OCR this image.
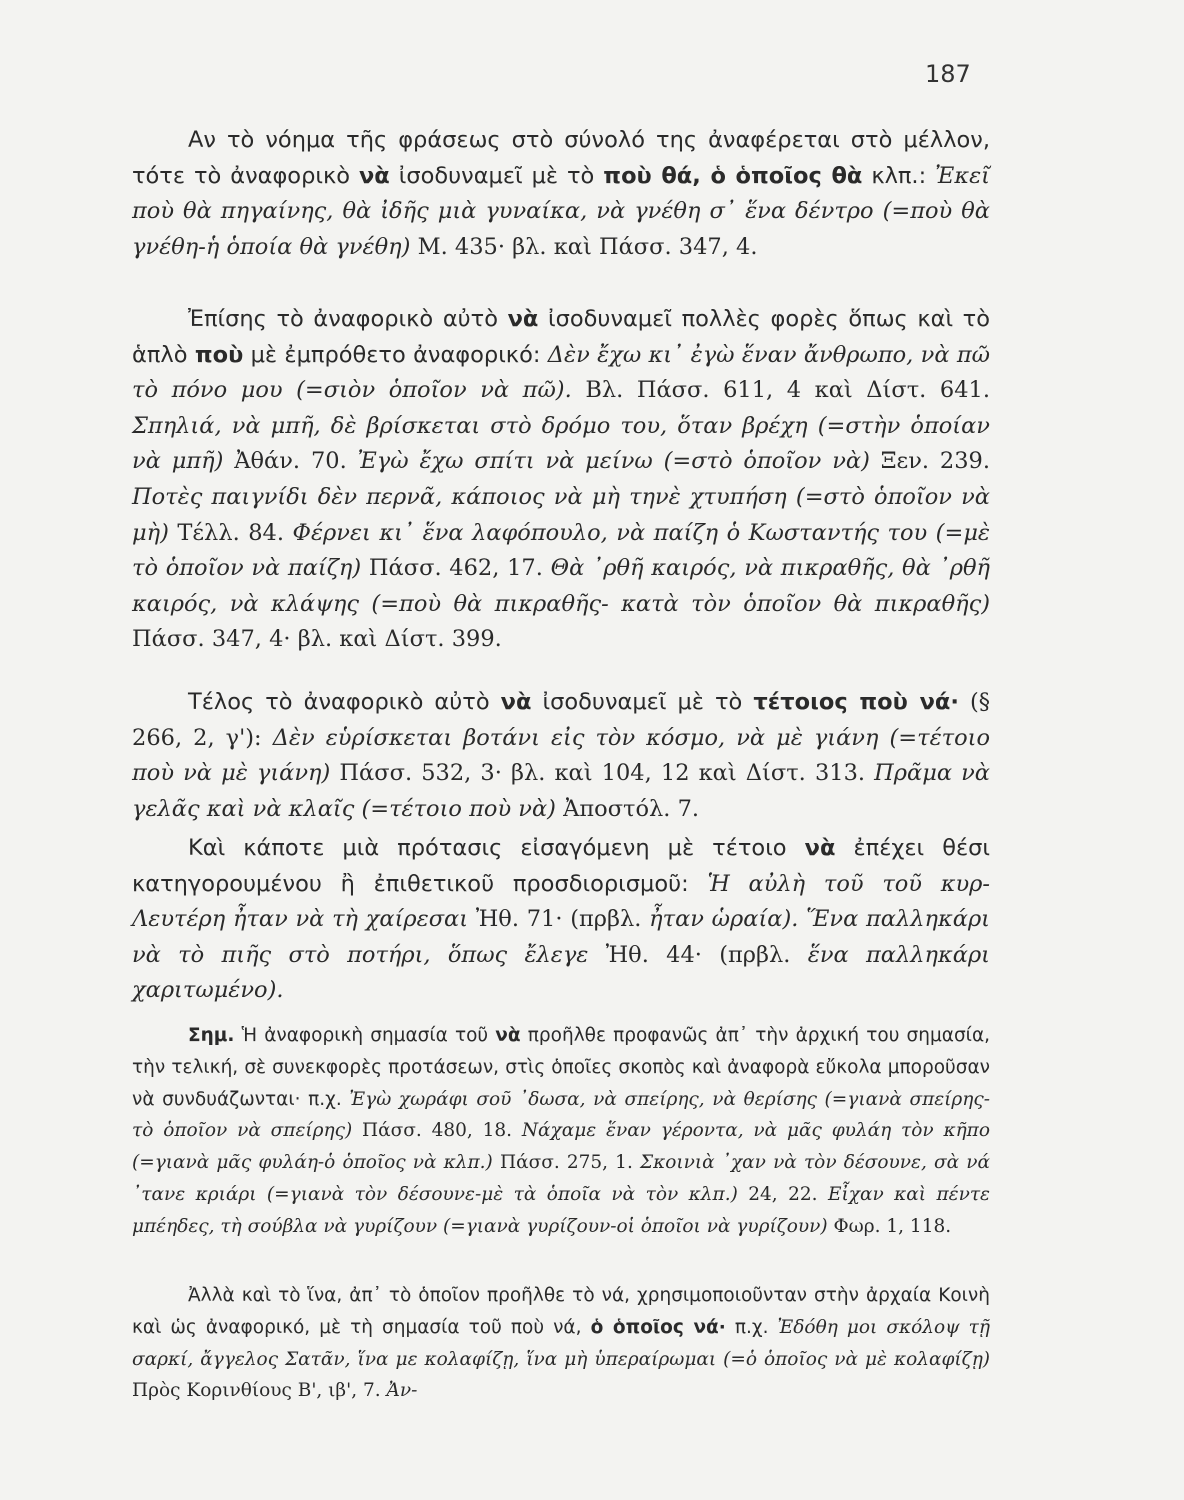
187

Αν τὸ νόημα τῆς φράσεως στὸ σύνολό της ἀναφέρεται στὸ μέλλον, τότε τὸ ἀναφορικὸ νὰ ἰσοδυναμεῖ μὲ τὸ ποὺ θά, ὁ ὁποῖος θὰ κλπ.: Ἐκεῖ ποὺ θὰ πηγαίνης, θὰ ἰδῆς μιὰ γυναίκα, νὰ γνέθη σ᾽ ἕνα δέντρο (=ποὺ θὰ γνέθη-ἡ ὁποία θὰ γνέθη) Μ. 435· βλ. καὶ Πάσσ. 347, 4.

Ἐπίσης τὸ ἀναφορικὸ αὐτὸ νὰ ἰσοδυναμεῖ πολλὲς φορὲς ὅπως καὶ τὸ ἁπλὸ ποὺ μὲ ἐμπρόθετο ἀναφορικό: Δὲν ἔχω κι᾽ ἐγὼ ἕναν ἄνθρωπο, νὰ πῶ τὸ πόνο μου (=σιὸν ὁποῖον νὰ πῶ). Βλ. Πάσσ. 611, 4 καὶ Δίστ. 641. Σπηλιά, νὰ μπῆ, δὲ βρίσκεται στὸ δρόμο του, ὅταν βρέχη (=στὴν ὁποίαν νὰ μπῆ) Ἀθάν. 70. Ἐγὼ ἔχω σπίτι νὰ μείνω (=στὸ ὁποῖον νὰ) Ξεν. 239. Ποτὲς παιγνίδι δὲν περνᾶ, κάποιος νὰ μὴ τηνὲ χτυπήση (=στὸ ὁποῖον νὰ μὴ) Τέλλ. 84. Φέρνει κι᾽ ἕνα λαφόπουλο, νὰ παίζη ὁ Κωσταντής του (=μὲ τὸ ὁποῖον νὰ παίζη) Πάσσ. 462, 17. Θὰ ᾽ρθῆ καιρός, νὰ πικραθῆς, θὰ ᾽ρθῆ καιρός, νὰ κλάψης (=ποὺ θὰ πικραθῆς- κατὰ τὸν ὁποῖον θὰ πικραθῆς) Πάσσ. 347, 4· βλ. καὶ Δίστ. 399.

Τέλος τὸ ἀναφορικὸ αὐτὸ νὰ ἰσοδυναμεῖ μὲ τὸ τέτοιος ποὺ νά· (§ 266, 2, γ'): Δὲν εὑρίσκεται βοτάνι εἰς τὸν κόσμο, νὰ μὲ γιάνη (=τέτοιο ποὺ νὰ μὲ γιάνη) Πάσσ. 532, 3· βλ. καὶ 104, 12 καὶ Δίστ. 313. Πρᾶμα νὰ γελᾶς καὶ νὰ κλαῖς (=τέτοιο ποὺ νὰ) Ἀποστόλ. 7.

Καὶ κάποτε μιὰ πρότασις εἰσαγόμενη μὲ τέτοιο νὰ ἐπέχει θέσι κατηγορουμένου ἢ ἐπιθετικοῦ προσδιορισμοῦ: Ἡ αὐλὴ τοῦ τοῦ κυρ-Λευτέρη ἦταν νὰ τὴ χαίρεσαι Ἠθ. 71· (πρβλ. ἦταν ὡραία). Ἕνα παλληκάρι νὰ τὸ πιῆς στὸ ποτήρι, ὅπως ἔλεγε Ἠθ. 44· (πρβλ. ἕνα παλληκάρι χαριτωμένο).

Σημ. Ἡ ἀναφορικὴ σημασία τοῦ νὰ προῆλθε προφανῶς ἀπ᾽ τὴν ἀρχική του σημασία, τὴν τελική, σὲ συνεκφορὲς προτάσεων, στὶς ὁποῖες σκοπὸς καὶ ἀναφορὰ εὔκολα μποροῦσαν νὰ συνδυάζωνται· π.χ. Ἐγὼ χωράφι σοῦ ᾽δωσα, νὰ σπείρης, νὰ θερίσης (=γιανὰ σπείρης-τὸ ὁποῖον νὰ σπείρης) Πάσσ. 480, 18. Νάχαμε ἕναν γέροντα, νὰ μᾶς φυλάη τὸν κῆπο (=γιανὰ μᾶς φυλάη-ὁ ὁποῖος νὰ κλπ.) Πάσσ. 275, 1. Σκοινιὰ ᾽χαν νὰ τὸν δέσουνε, σὰ νά ᾽τανε κριάρι (=γιανὰ τὸν δέσουνε-μὲ τὰ ὁποῖα νὰ τὸν κλπ.) 24, 22. Εἶχαν καὶ πέντε μπέηδες, τὴ σούβλα νὰ γυρίζουν (=γιανὰ γυρίζουν-οἱ ὁποῖοι νὰ γυρίζουν) Φωρ. 1, 118.

Ἀλλὰ καὶ τὸ ἵνα, ἀπ᾽ τὸ ὁποῖον προῆλθε τὸ νά, χρησιμοποιοῦνταν στὴν ἀρχαία Κοινὴ καὶ ὡς ἀναφορικό, μὲ τὴ σημασία τοῦ ποὺ νά, ὁ ὁποῖος νά· π.χ. Ἐδόθη μοι σκόλοψ τῇ σαρκί, ἄγγελος Σατᾶν, ἵνα με κολαφίζῃ, ἵνα μὴ ὑπεραίρωμαι (=ὁ ὁποῖος νὰ μὲ κολαφίζῃ) Πρὸς Κορινθίους Β', ιβ', 7. Ἀν-
